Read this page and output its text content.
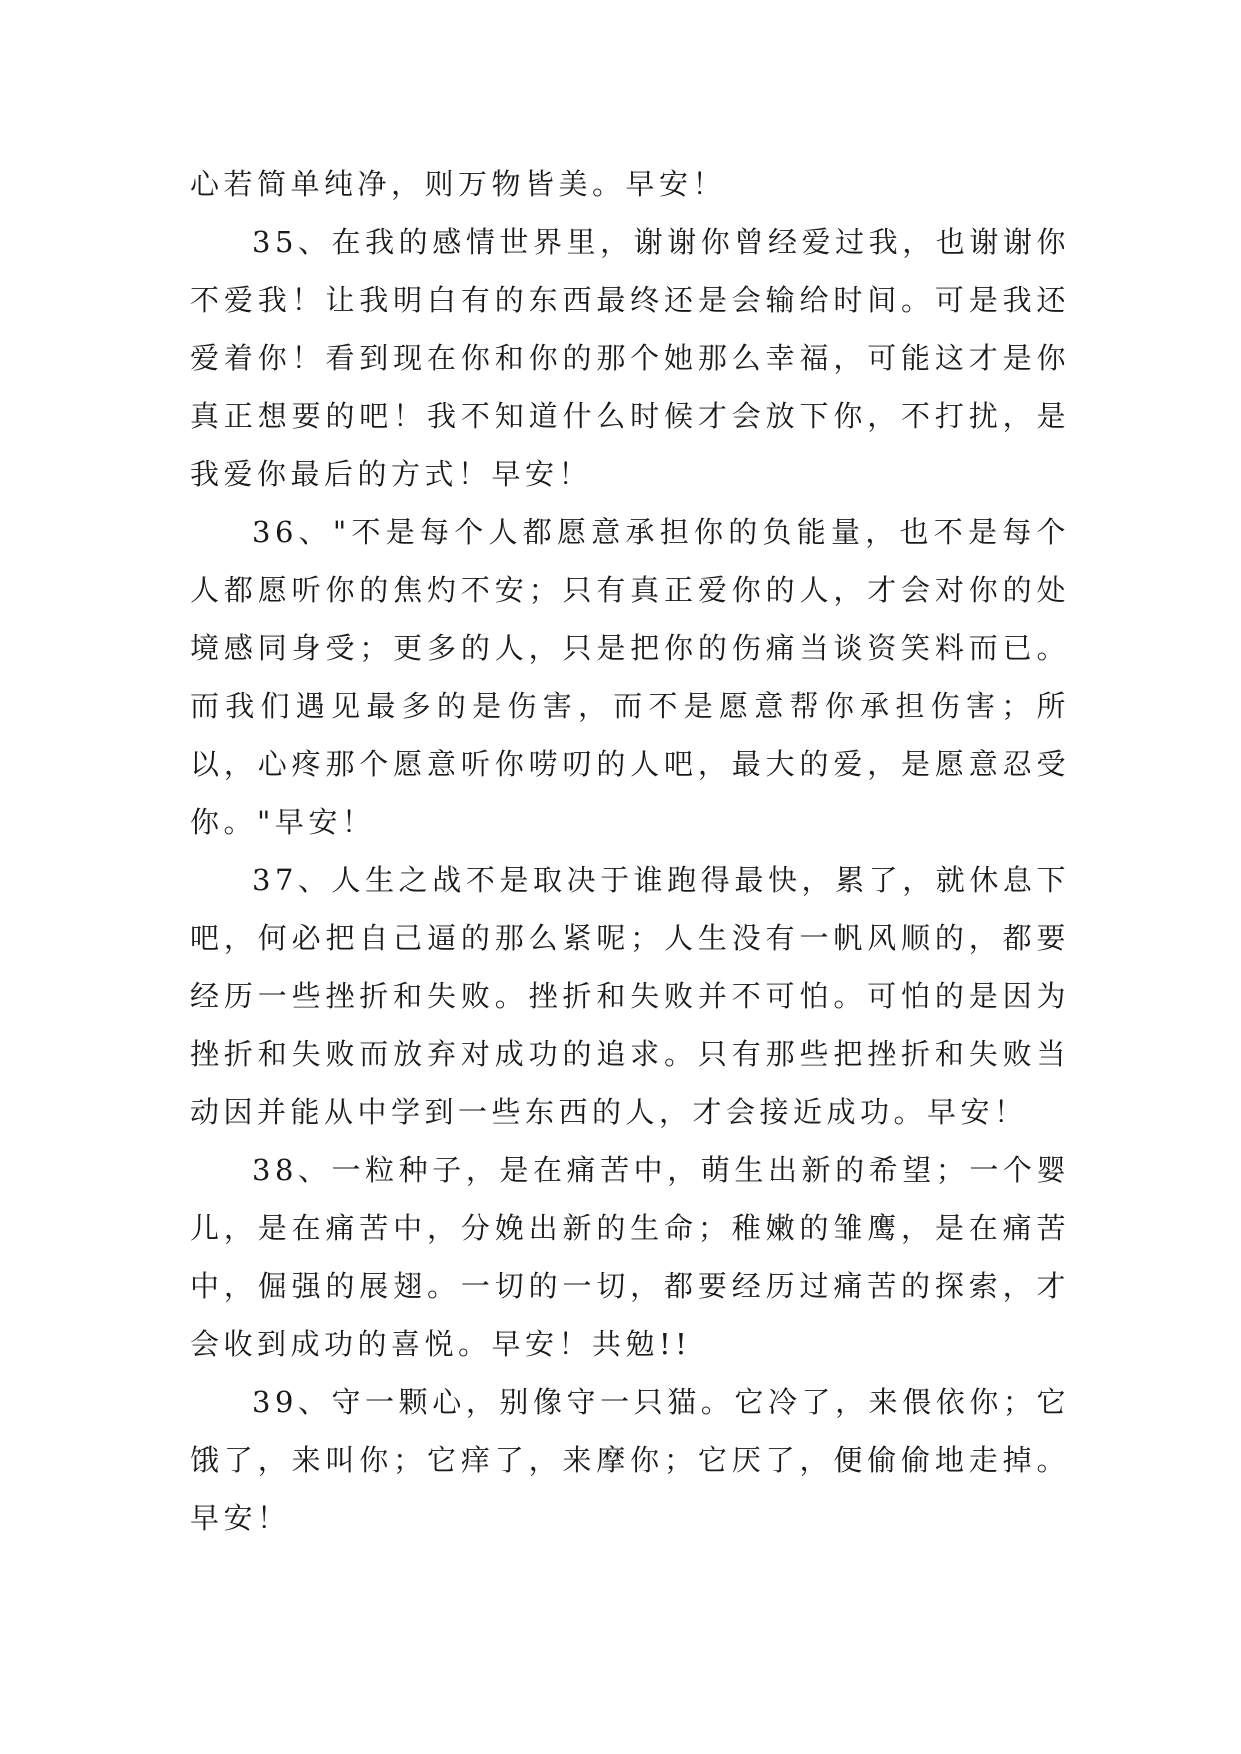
心若简单纯净，则万物皆美。早安！

35、在我的感情世界里，谢谢你曾经爱过我，也谢谢你不爱我！让我明白有的东西最终还是会输给时间。可是我还爱着你！看到现在你和你的那个她那么幸福，可能这才是你真正想要的吧！我不知道什么时候才会放下你，不打扰，是我爱你最后的方式！早安！

36、"不是每个人都愿意承担你的负能量，也不是每个人都愿听你的焦灼不安；只有真正爱你的人，才会对你的处境感同身受；更多的人，只是把你的伤痛当谈资笑料而已。而我们遇见最多的是伤害，而不是愿意帮你承担伤害；所以，心疼那个愿意听你唠叨的人吧，最大的爱，是愿意忍受你。"早安！

37、人生之战不是取决于谁跑得最快，累了，就休息下吧，何必把自己逼的那么紧呢；人生没有一帆风顺的，都要经历一些挫折和失败。挫折和失败并不可怕。可怕的是因为挫折和失败而放弃对成功的追求。只有那些把挫折和失败当动因并能从中学到一些东西的人，才会接近成功。早安！

38、一粒种子，是在痛苦中，萌生出新的希望；一个婴儿，是在痛苦中，分娩出新的生命；稚嫩的雏鹰，是在痛苦中，倔强的展翅。一切的一切，都要经历过痛苦的探索，才会收到成功的喜悦。早安！共勉!!

39、守一颗心，别像守一只猫。它冷了，来偎依你；它饿了，来叫你；它痒了，来摩你；它厌了，便偷偷地走掉。早安！
